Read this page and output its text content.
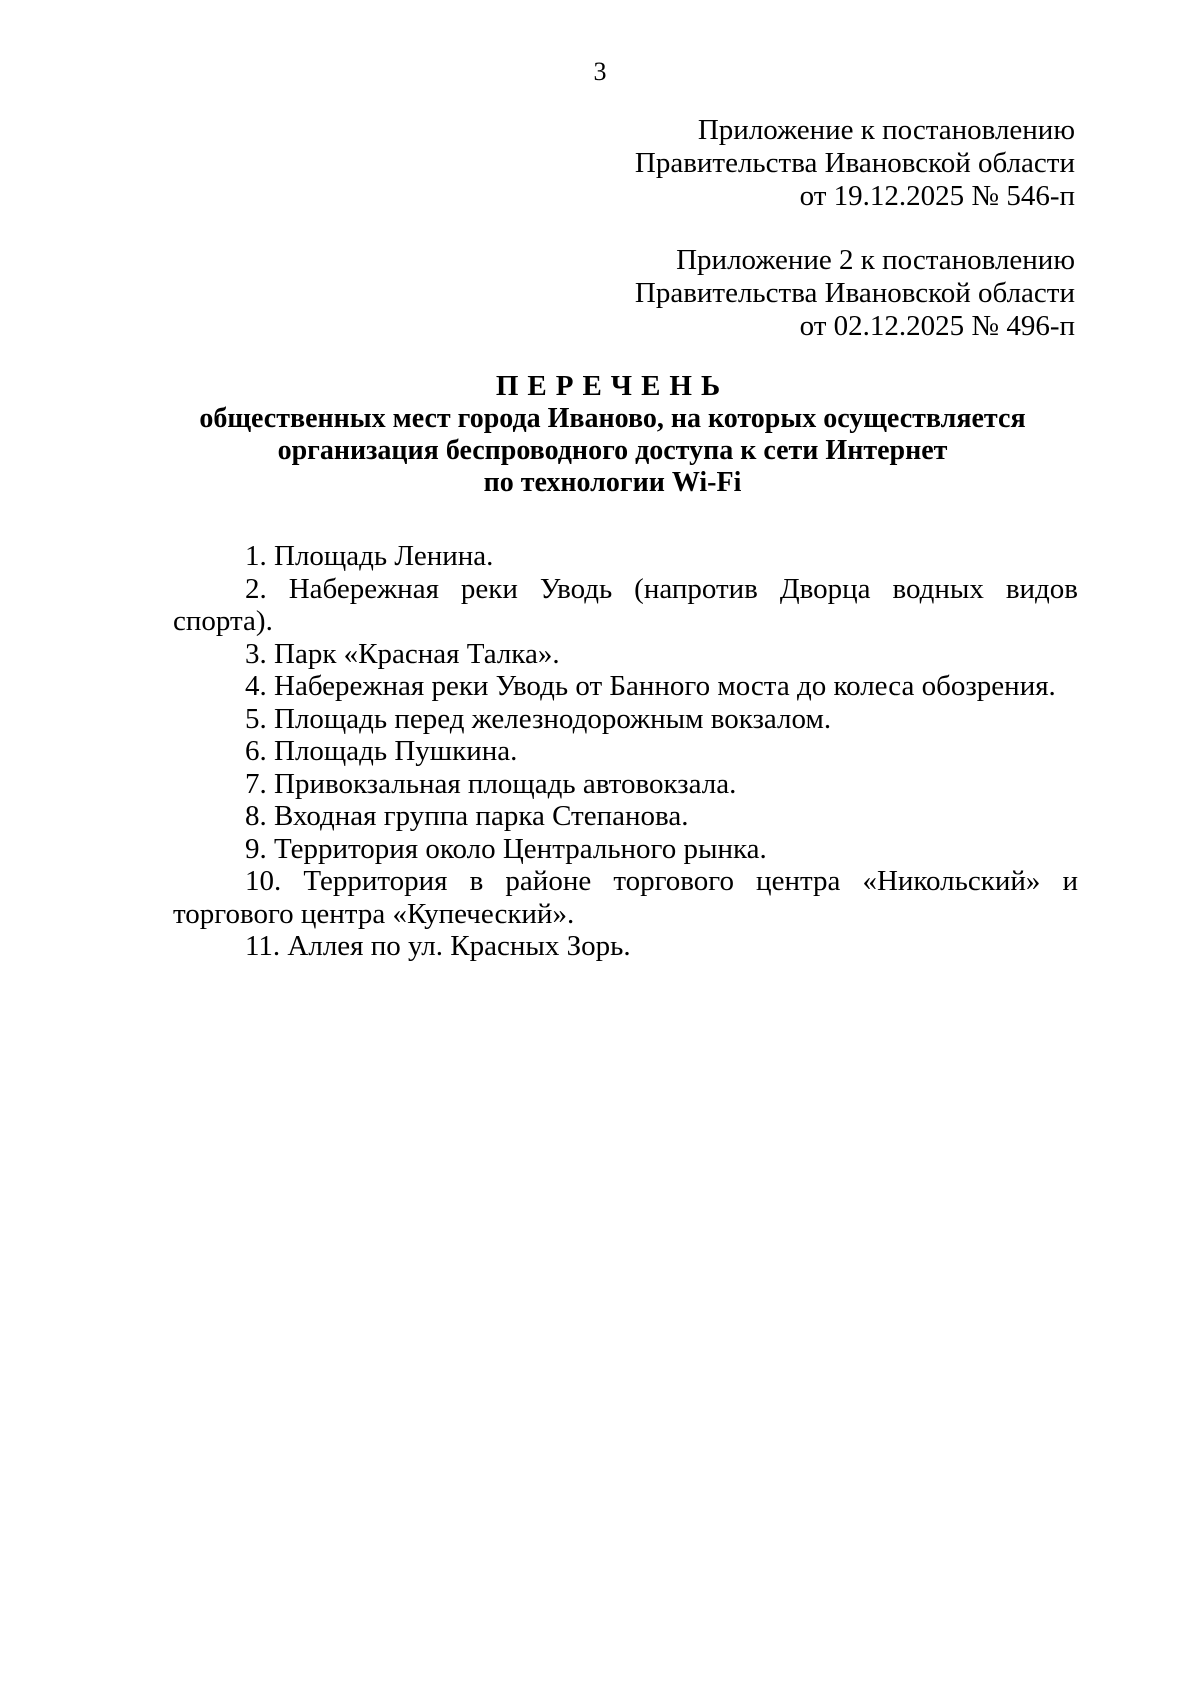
3
Приложение к постановлению
Правительства Ивановской области
от 19.12.2025 № 546-п
Приложение 2 к постановлению
Правительства Ивановской области
от 02.12.2025 № 496-п
ПЕРЕЧЕНЬ
общественных мест города Иваново, на которых осуществляется
организация беспроводного доступа к сети Интернет
по технологии Wi-Fi
1. Площадь Ленина.
2. Набережная реки Уводь (напротив Дворца водных видов спорта).
3. Парк «Красная Талка».
4. Набережная реки Уводь от Банного моста до колеса обозрения.
5. Площадь перед железнодорожным вокзалом.
6. Площадь Пушкина.
7. Привокзальная площадь автовокзала.
8. Входная группа парка Степанова.
9. Территория около Центрального рынка.
10. Территория в районе торгового центра «Никольский» и торгового центра «Купеческий».
11. Аллея по ул. Красных Зорь.
